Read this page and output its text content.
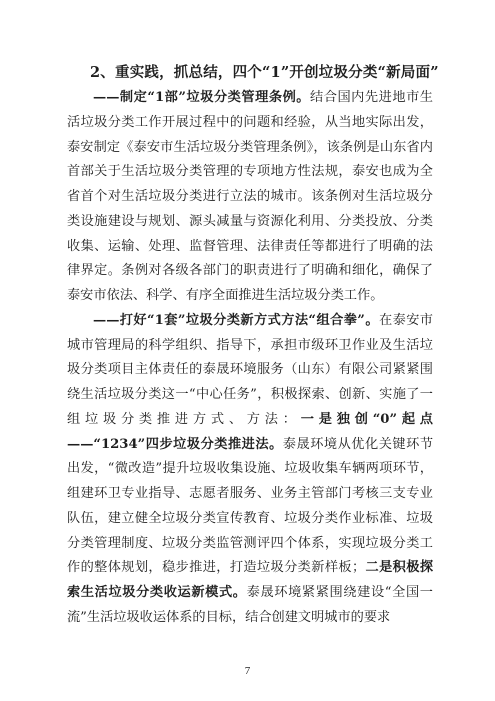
2、重实践，抓总结，四个“1”开创垃圾分类“新局面”

——制定“1部”垃圾分类管理条例。结合国内先进地市生活垃圾分类工作开展过程中的问题和经验，从当地实际出发，泰安制定《泰安市生活垃圾分类管理条例》，该条例是山东省内首部关于生活垃圾分类管理的专项地方性法规，泰安也成为全省首个对生活垃圾分类进行立法的城市。该条例对生活垃圾分类设施建设与规划、源头减量与资源化利用、分类投放、分类收集、运输、处理、监督管理、法律责任等都进行了明确的法律界定。条例对各级各部门的职责进行了明确和细化，确保了泰安市依法、科学、有序全面推进生活垃圾分类工作。

——打好“1套”垃圾分类新方式方法“组合拳”。在泰安市城市管理局的科学组织、指导下，承担市级环卫作业及生活垃圾分类项目主体责任的泰晟环境服务（山东）有限公司紧紧围绕生活垃圾分类这一“中心任务”，积极探索、创新、实施了一组垃圾分类推进方式、方法：一是独创“0”起点——“1234”四步垃圾分类推进法。泰晟环境从优化关键环节出发，“微改造”提升垃圾收集设施、垃圾收集车辆两项环节，组建环卫专业指导、志愿者服务、业务主管部门考核三支专业队伍，建立健全垃圾分类宣传教育、垃圾分类作业标准、垃圾分类管理制度、垃圾分类监管测评四个体系，实现垃圾分类工作的整体规划，稳步推进，打造垃圾分类新样板；二是积极探索生活垃圾分类收运新模式。泰晟环境紧紧围绕建设“全国一流”生活垃圾收运体系的目标，结合创建文明城市的要求

7
